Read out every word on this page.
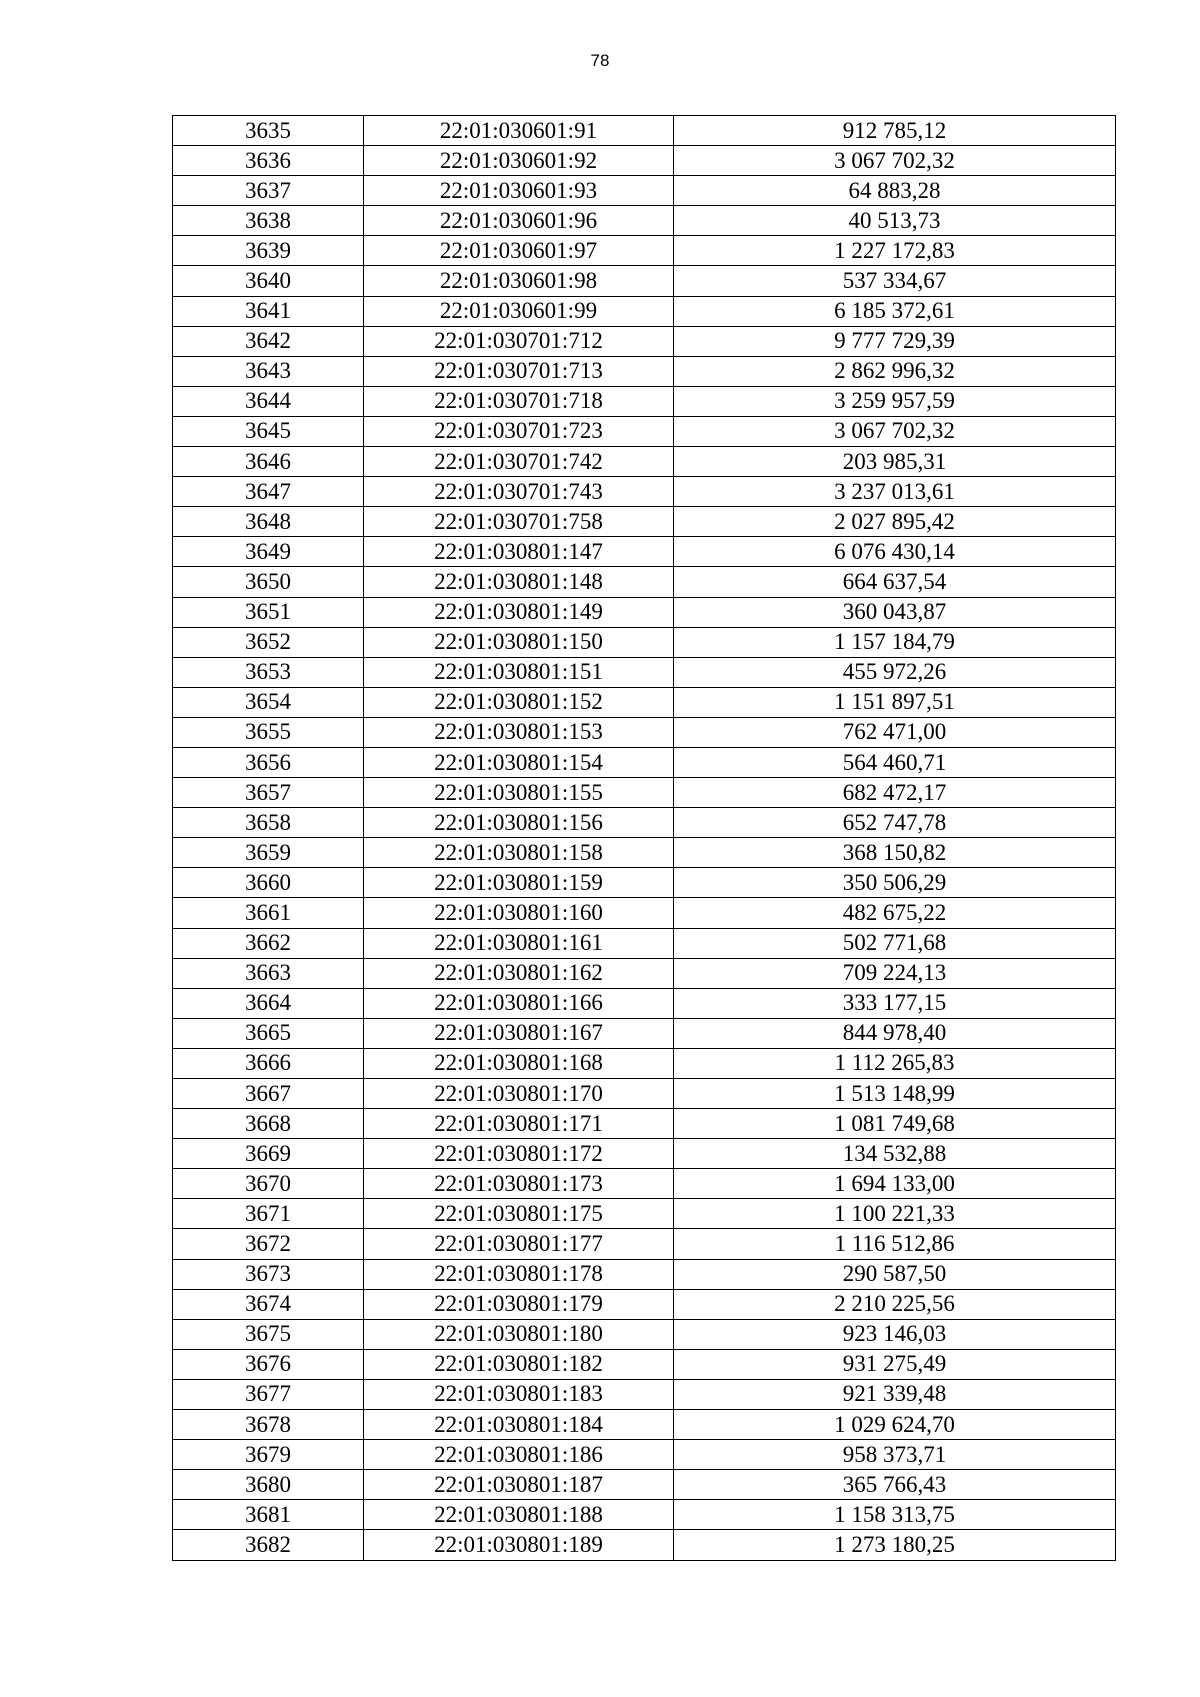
78
3635	22:01:030601:91	912 785,12
3636	22:01:030601:92	3 067 702,32
3637	22:01:030601:93	64 883,28
3638	22:01:030601:96	40 513,73
3639	22:01:030601:97	1 227 172,83
3640	22:01:030601:98	537 334,67
3641	22:01:030601:99	6 185 372,61
3642	22:01:030701:712	9 777 729,39
3643	22:01:030701:713	2 862 996,32
3644	22:01:030701:718	3 259 957,59
3645	22:01:030701:723	3 067 702,32
3646	22:01:030701:742	203 985,31
3647	22:01:030701:743	3 237 013,61
3648	22:01:030701:758	2 027 895,42
3649	22:01:030801:147	6 076 430,14
3650	22:01:030801:148	664 637,54
3651	22:01:030801:149	360 043,87
3652	22:01:030801:150	1 157 184,79
3653	22:01:030801:151	455 972,26
3654	22:01:030801:152	1 151 897,51
3655	22:01:030801:153	762 471,00
3656	22:01:030801:154	564 460,71
3657	22:01:030801:155	682 472,17
3658	22:01:030801:156	652 747,78
3659	22:01:030801:158	368 150,82
3660	22:01:030801:159	350 506,29
3661	22:01:030801:160	482 675,22
3662	22:01:030801:161	502 771,68
3663	22:01:030801:162	709 224,13
3664	22:01:030801:166	333 177,15
3665	22:01:030801:167	844 978,40
3666	22:01:030801:168	1 112 265,83
3667	22:01:030801:170	1 513 148,99
3668	22:01:030801:171	1 081 749,68
3669	22:01:030801:172	134 532,88
3670	22:01:030801:173	1 694 133,00
3671	22:01:030801:175	1 100 221,33
3672	22:01:030801:177	1 116 512,86
3673	22:01:030801:178	290 587,50
3674	22:01:030801:179	2 210 225,56
3675	22:01:030801:180	923 146,03
3676	22:01:030801:182	931 275,49
3677	22:01:030801:183	921 339,48
3678	22:01:030801:184	1 029 624,70
3679	22:01:030801:186	958 373,71
3680	22:01:030801:187	365 766,43
3681	22:01:030801:188	1 158 313,75
3682	22:01:030801:189	1 273 180,25
